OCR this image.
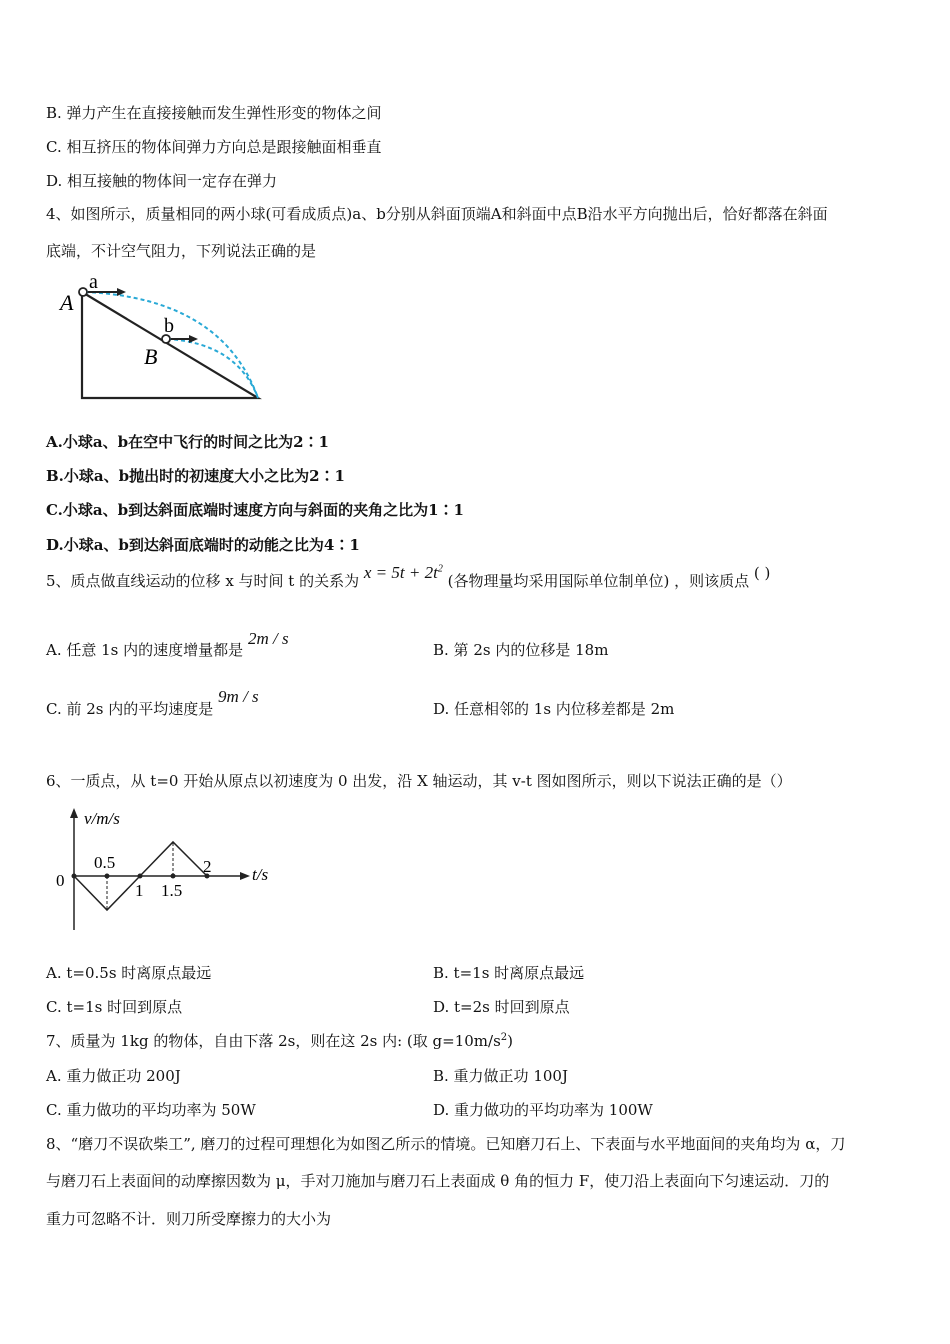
B. 弹力产生在直接接触而发生弹性形变的物体之间
C. 相互挤压的物体间弹力方向总是跟接触面相垂直
D. 相互接触的物体间一定存在弹力
4、如图所示，质量相同的两小球(可看成质点)a、b分别从斜面顶端A和斜面中点B沿水平方向抛出后，恰好都落在斜面
底端，不计空气阻力，下列说法正确的是
A
a
b
B
A.小球a、b在空中飞行的时间之比为2∶1
B.小球a、b抛出时的初速度大小之比为2∶1
C.小球a、b到达斜面底端时速度方向与斜面的夹角之比为1∶1
D.小球a、b到达斜面底端时的动能之比为4∶1
5、质点做直线运动的位移 x 与时间 t 的关系为 $x = 5t + 2t^2$ (各物理量均采用国际单位制单位) ，则该质点 ( )
A. 任意 1s 内的速度增量都是 2m / s
B. 第 2s 内的位移是 18m
C. 前 2s 内的平均速度是 9m / s
D. 任意相邻的 1s 内位移差都是 2m
6、一质点，从 t=0 开始从原点以初速度为 0 出发，沿 X 轴运动，其 v-t 图如图所示，则以下说法正确的是（）
v/m/s
t/s
0
0.5
1 1.5
2
A. t=0.5s 时离原点最远	B. t=1s 时离原点最远
C. t=1s 时回到原点	D. t=2s 时回到原点
7、质量为 1kg 的物体，自由下落 2s，则在这 2s 内: (取 $g=10m/s^2$)
A. 重力做正功 200J	B. 重力做正功 100J
C. 重力做功的平均功率为 50W	D. 重力做功的平均功率为 100W
8、“磨刀不误砍柴工”, 磨刀的过程可理想化为如图乙所示的情境。已知磨刀石上、下表面与水平地面间的夹角均为 α，刀
与磨刀石上表面间的动摩擦因数为 μ，手对刀施加与磨刀石上表面成 θ 角的恒力 F，使刀沿上表面向下匀速运动．刀的
重力可忽略不计．则刀所受摩擦力的大小为
